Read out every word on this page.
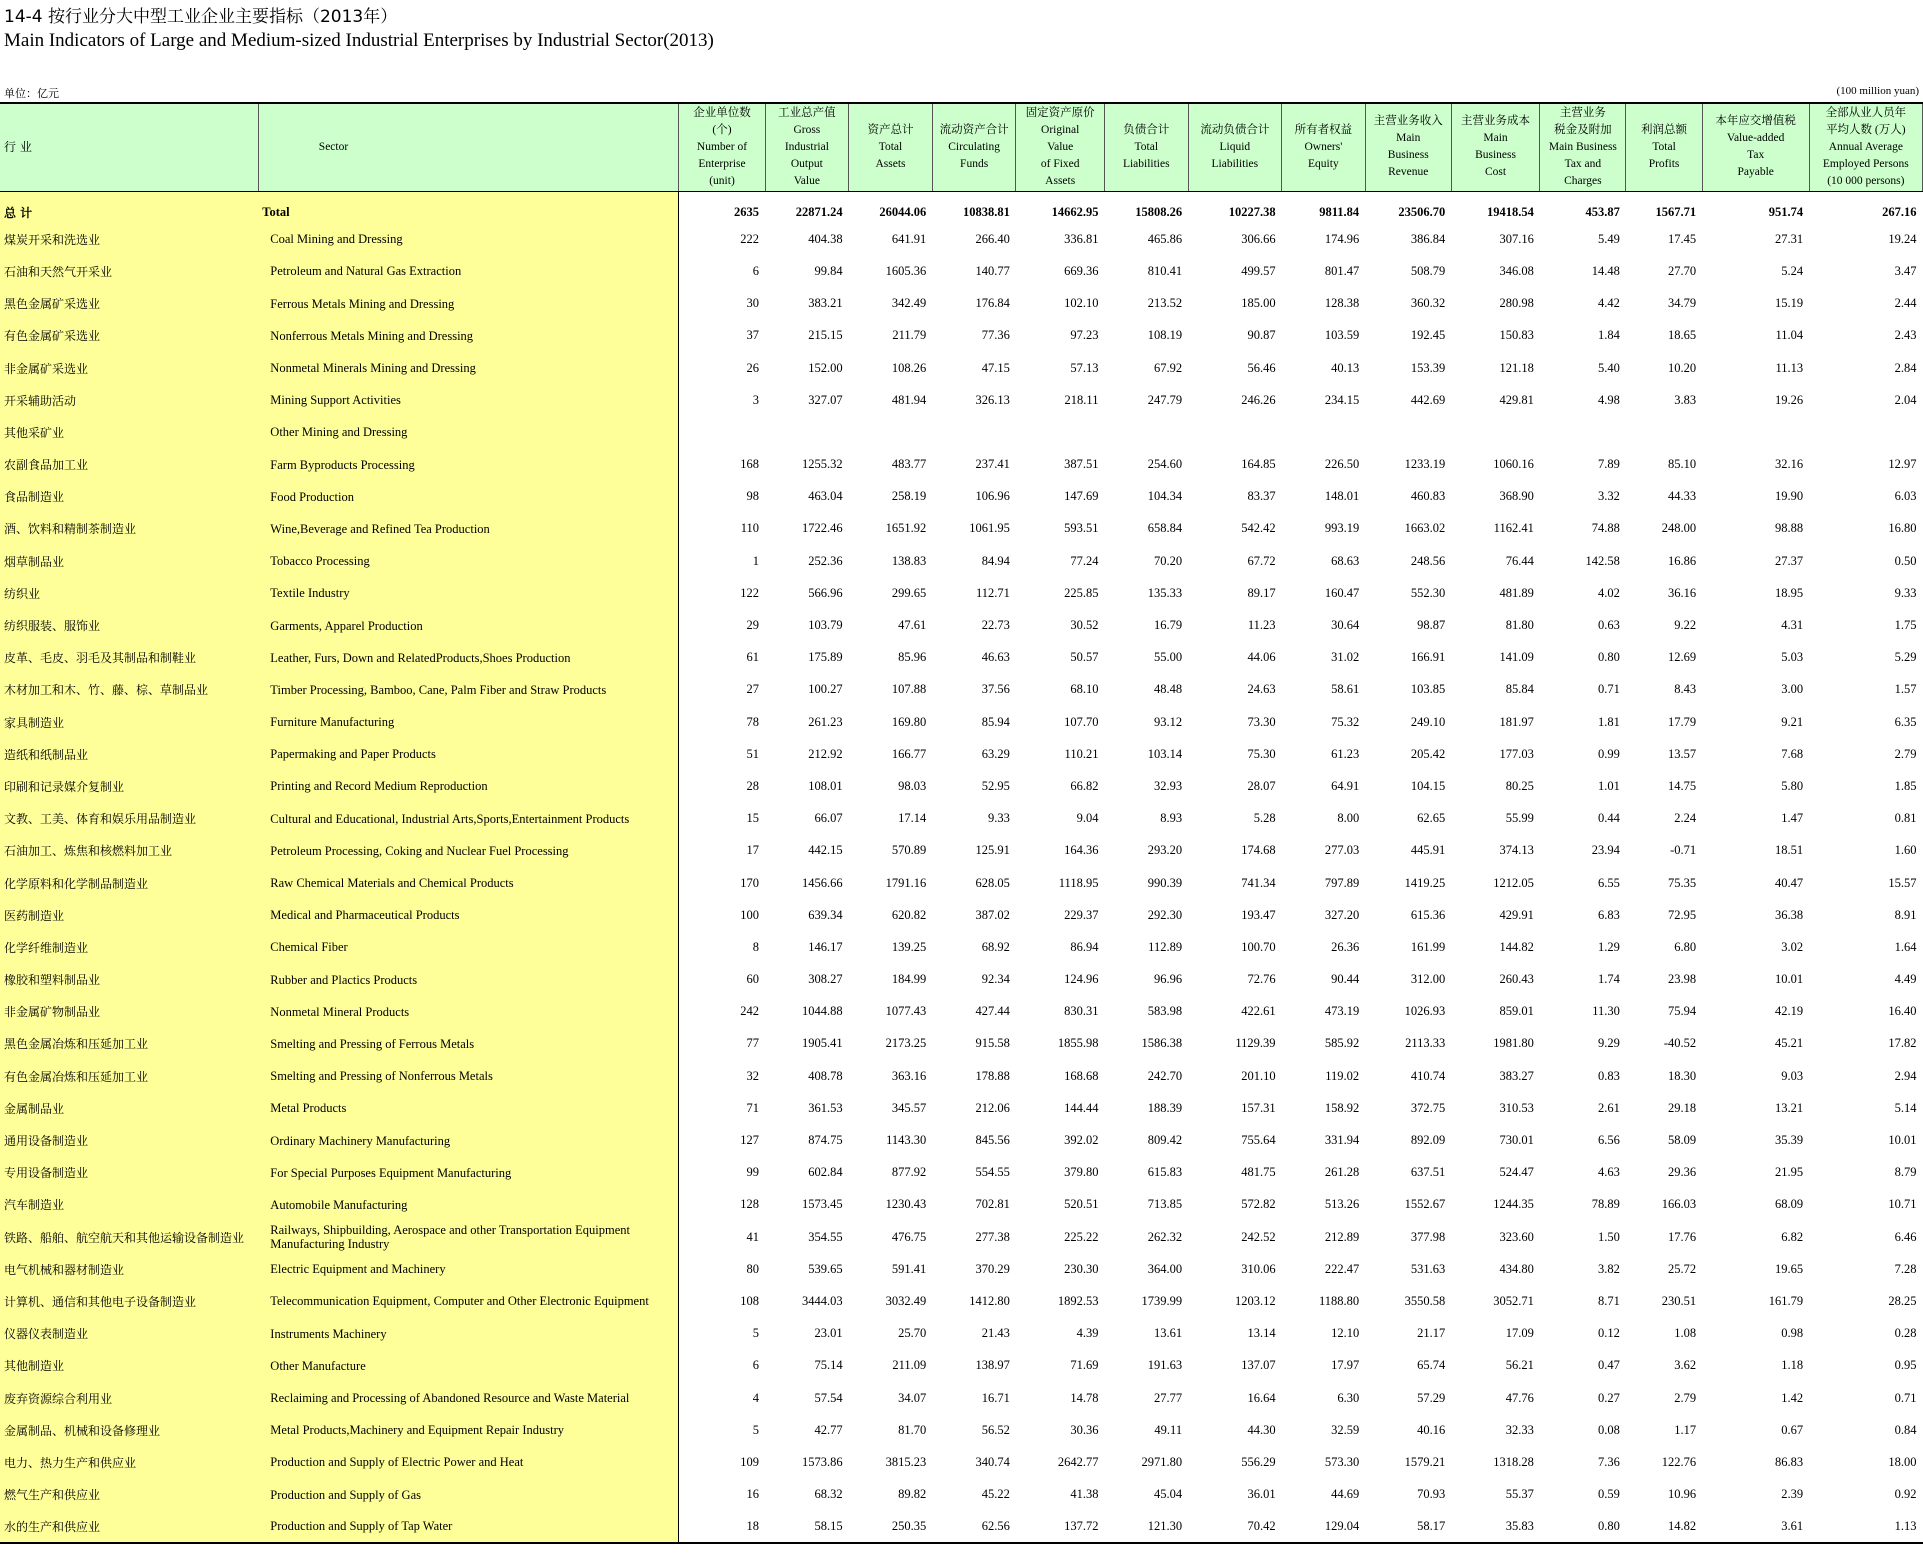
14-4 按行业分大中型工业企业主要指标（2013年）
Main Indicators of Large and Medium-sized Industrial Enterprises by Industrial Sector(2013)
单位：亿元	(100 million yuan)
行 业	Sector	企业单位数
(个)
Number of
Enterprise
(unit)	工业总产值
Gross
Industrial
Output
Value	资产总计
Total
Assets	流动资产合计
Circulating
Funds	固定资产原价
Original
Value
of Fixed
Assets	负债合计
Total
Liabilities	流动负债合计
Liquid
Liabilities	所有者权益
Owners'
Equity	主营业务收入
Main
Business
Revenue	主营业务成本
Main
Business
Cost	主营业务
税金及附加
Main Business
Tax and
Charges	利润总额
Total
Profits	本年应交增值税
Value-added
Tax
Payable	全部从业人员年
平均人数 (万人)
Annual Average
Employed Persons
(10 000 persons)
总 计	Total	2635	22871.24	26044.06	10838.81	14662.95	15808.26	10227.38	9811.84	23506.70	19418.54	453.87	1567.71	951.74	267.16
煤炭开采和洗选业	Coal Mining and Dressing	222	404.38	641.91	266.40	336.81	465.86	306.66	174.96	386.84	307.16	5.49	17.45	27.31	19.24
石油和天然气开采业	Petroleum and Natural Gas Extraction	6	99.84	1605.36	140.77	669.36	810.41	499.57	801.47	508.79	346.08	14.48	27.70	5.24	3.47
黑色金属矿采选业	Ferrous Metals Mining and Dressing	30	383.21	342.49	176.84	102.10	213.52	185.00	128.38	360.32	280.98	4.42	34.79	15.19	2.44
有色金属矿采选业	Nonferrous Metals Mining and Dressing	37	215.15	211.79	77.36	97.23	108.19	90.87	103.59	192.45	150.83	1.84	18.65	11.04	2.43
非金属矿采选业	Nonmetal Minerals Mining and Dressing	26	152.00	108.26	47.15	57.13	67.92	56.46	40.13	153.39	121.18	5.40	10.20	11.13	2.84
开采辅助活动	Mining Support Activities	3	327.07	481.94	326.13	218.11	247.79	246.26	234.15	442.69	429.81	4.98	3.83	19.26	2.04
其他采矿业	Other Mining and Dressing														
农副食品加工业	Farm Byproducts Processing	168	1255.32	483.77	237.41	387.51	254.60	164.85	226.50	1233.19	1060.16	7.89	85.10	32.16	12.97
食品制造业	Food Production	98	463.04	258.19	106.96	147.69	104.34	83.37	148.01	460.83	368.90	3.32	44.33	19.90	6.03
酒、饮料和精制茶制造业	Wine,Beverage and Refined Tea Production	110	1722.46	1651.92	1061.95	593.51	658.84	542.42	993.19	1663.02	1162.41	74.88	248.00	98.88	16.80
烟草制品业	Tobacco Processing	1	252.36	138.83	84.94	77.24	70.20	67.72	68.63	248.56	76.44	142.58	16.86	27.37	0.50
纺织业	Textile Industry	122	566.96	299.65	112.71	225.85	135.33	89.17	160.47	552.30	481.89	4.02	36.16	18.95	9.33
纺织服装、服饰业	Garments, Apparel Production	29	103.79	47.61	22.73	30.52	16.79	11.23	30.64	98.87	81.80	0.63	9.22	4.31	1.75
皮革、毛皮、羽毛及其制品和制鞋业	Leather, Furs, Down and RelatedProducts,Shoes Production	61	175.89	85.96	46.63	50.57	55.00	44.06	31.02	166.91	141.09	0.80	12.69	5.03	5.29
木材加工和木、竹、藤、棕、草制品业	Timber Processing, Bamboo, Cane, Palm Fiber and Straw Products	27	100.27	107.88	37.56	68.10	48.48	24.63	58.61	103.85	85.84	0.71	8.43	3.00	1.57
家具制造业	Furniture Manufacturing	78	261.23	169.80	85.94	107.70	93.12	73.30	75.32	249.10	181.97	1.81	17.79	9.21	6.35
造纸和纸制品业	Papermaking and Paper Products	51	212.92	166.77	63.29	110.21	103.14	75.30	61.23	205.42	177.03	0.99	13.57	7.68	2.79
印刷和记录媒介复制业	Printing and Record Medium Reproduction	28	108.01	98.03	52.95	66.82	32.93	28.07	64.91	104.15	80.25	1.01	14.75	5.80	1.85
文教、工美、体育和娱乐用品制造业	Cultural and Educational, Industrial Arts,Sports,Entertainment Products	15	66.07	17.14	9.33	9.04	8.93	5.28	8.00	62.65	55.99	0.44	2.24	1.47	0.81
石油加工、炼焦和核燃料加工业	Petroleum Processing, Coking and Nuclear Fuel Processing	17	442.15	570.89	125.91	164.36	293.20	174.68	277.03	445.91	374.13	23.94	-0.71	18.51	1.60
化学原料和化学制品制造业	Raw Chemical Materials and Chemical Products	170	1456.66	1791.16	628.05	1118.95	990.39	741.34	797.89	1419.25	1212.05	6.55	75.35	40.47	15.57
医药制造业	Medical and Pharmaceutical Products	100	639.34	620.82	387.02	229.37	292.30	193.47	327.20	615.36	429.91	6.83	72.95	36.38	8.91
化学纤维制造业	Chemical Fiber	8	146.17	139.25	68.92	86.94	112.89	100.70	26.36	161.99	144.82	1.29	6.80	3.02	1.64
橡胶和塑料制品业	Rubber and Plactics Products	60	308.27	184.99	92.34	124.96	96.96	72.76	90.44	312.00	260.43	1.74	23.98	10.01	4.49
非金属矿物制品业	Nonmetal Mineral Products	242	1044.88	1077.43	427.44	830.31	583.98	422.61	473.19	1026.93	859.01	11.30	75.94	42.19	16.40
黑色金属冶炼和压延加工业	Smelting and Pressing of Ferrous Metals	77	1905.41	2173.25	915.58	1855.98	1586.38	1129.39	585.92	2113.33	1981.80	9.29	-40.52	45.21	17.82
有色金属冶炼和压延加工业	Smelting and Pressing of Nonferrous Metals	32	408.78	363.16	178.88	168.68	242.70	201.10	119.02	410.74	383.27	0.83	18.30	9.03	2.94
金属制品业	Metal Products	71	361.53	345.57	212.06	144.44	188.39	157.31	158.92	372.75	310.53	2.61	29.18	13.21	5.14
通用设备制造业	Ordinary Machinery Manufacturing	127	874.75	1143.30	845.56	392.02	809.42	755.64	331.94	892.09	730.01	6.56	58.09	35.39	10.01
专用设备制造业	For Special Purposes Equipment Manufacturing	99	602.84	877.92	554.55	379.80	615.83	481.75	261.28	637.51	524.47	4.63	29.36	21.95	8.79
汽车制造业	Automobile Manufacturing	128	1573.45	1230.43	702.81	520.51	713.85	572.82	513.26	1552.67	1244.35	78.89	166.03	68.09	10.71
铁路、船舶、航空航天和其他运输设备制造业	Railways, Shipbuilding, Aerospace and other Transportation Equipment Manufacturing Industry	41	354.55	476.75	277.38	225.22	262.32	242.52	212.89	377.98	323.60	1.50	17.76	6.82	6.46
电气机械和器材制造业	Electric Equipment and Machinery	80	539.65	591.41	370.29	230.30	364.00	310.06	222.47	531.63	434.80	3.82	25.72	19.65	7.28
计算机、通信和其他电子设备制造业	Telecommunication Equipment, Computer and Other Electronic Equipment	108	3444.03	3032.49	1412.80	1892.53	1739.99	1203.12	1188.80	3550.58	3052.71	8.71	230.51	161.79	28.25
仪器仪表制造业	Instruments Machinery	5	23.01	25.70	21.43	4.39	13.61	13.14	12.10	21.17	17.09	0.12	1.08	0.98	0.28
其他制造业	Other Manufacture	6	75.14	211.09	138.97	71.69	191.63	137.07	17.97	65.74	56.21	0.47	3.62	1.18	0.95
废弃资源综合利用业	Reclaiming and Processing of Abandoned Resource and Waste Material	4	57.54	34.07	16.71	14.78	27.77	16.64	6.30	57.29	47.76	0.27	2.79	1.42	0.71
金属制品、机械和设备修理业	Metal Products,Machinery and Equipment Repair Industry	5	42.77	81.70	56.52	30.36	49.11	44.30	32.59	40.16	32.33	0.08	1.17	0.67	0.84
电力、热力生产和供应业	Production and Supply of Electric Power and Heat	109	1573.86	3815.23	340.74	2642.77	2971.80	556.29	573.30	1579.21	1318.28	7.36	122.76	86.83	18.00
燃气生产和供应业	Production and Supply of Gas	16	68.32	89.82	45.22	41.38	45.04	36.01	44.69	70.93	55.37	0.59	10.96	2.39	0.92
水的生产和供应业	Production and Supply of Tap Water	18	58.15	250.35	62.56	137.72	121.30	70.42	129.04	58.17	35.83	0.80	14.82	3.61	1.13
